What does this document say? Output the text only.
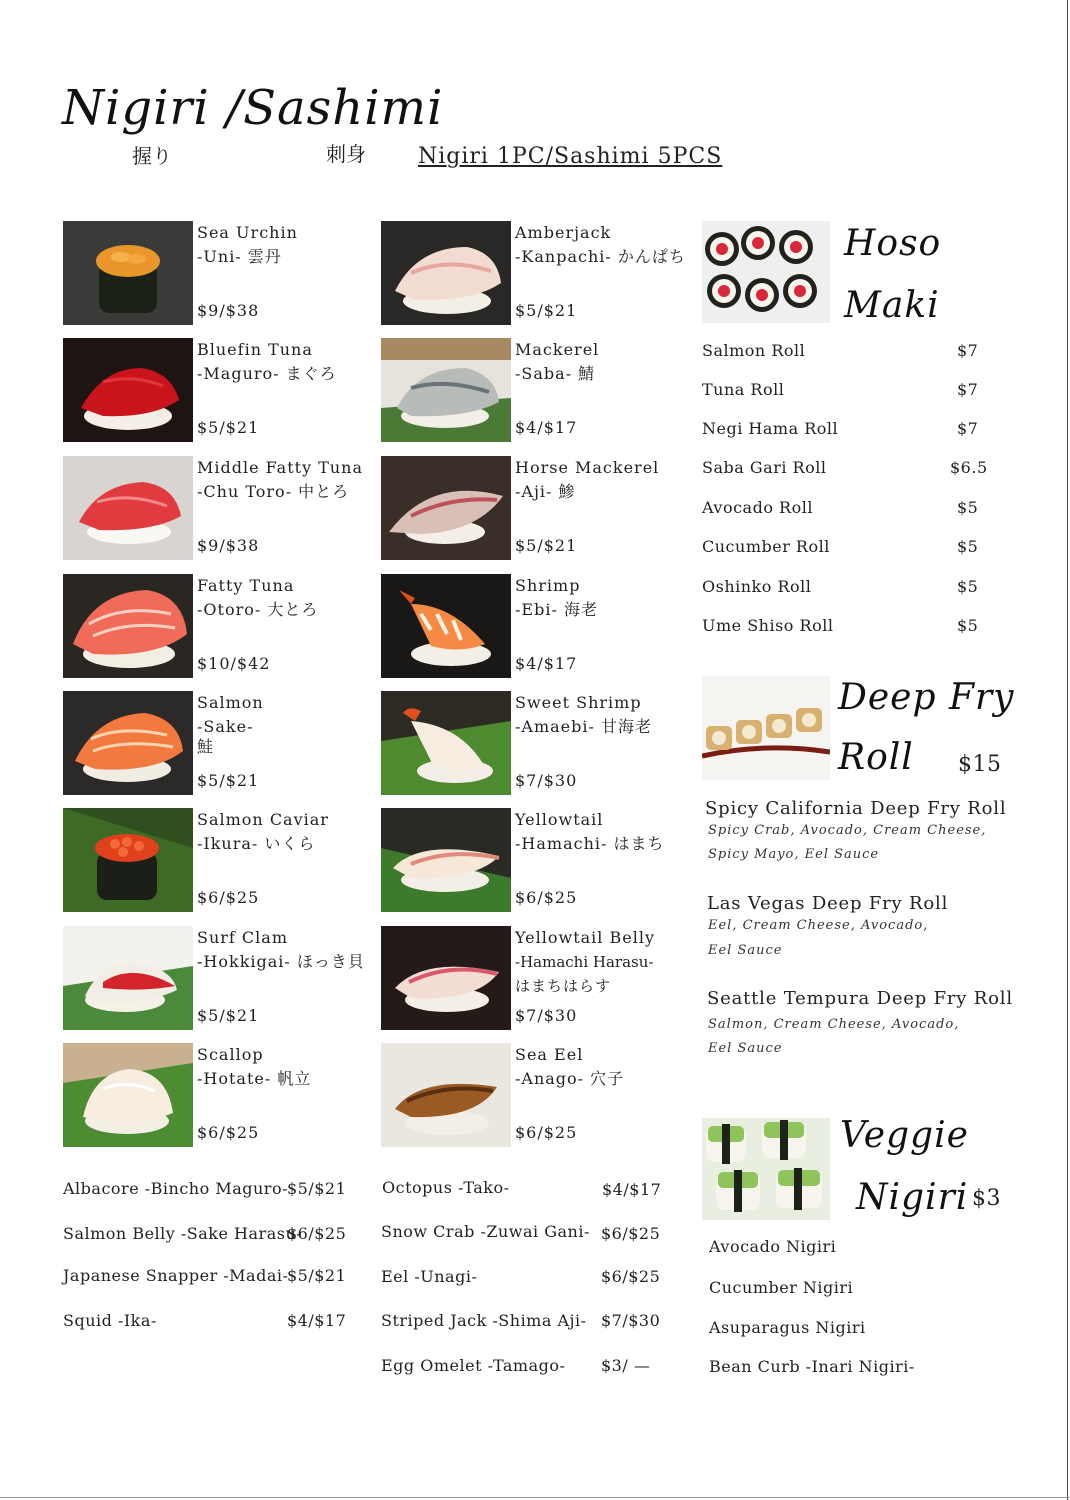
Nigiri /Sashimi
握り	刺身 Nigiri 1PC/Sashimi 5PCS
Sea Urchin
-Uni- 雲丹
$9/$38
Bluefin Tuna
-Maguro- まぐろ
$5/$21
Middle Fatty Tuna
-Chu Toro- 中とろ
$9/$38
Fatty Tuna
-Otoro- 大とろ
$10/$42
Salmon
-Sake-
鮭
$5/$21
Salmon Caviar
-Ikura- いくら
$6/$25
Surf Clam
-Hokkigai- ほっき貝
$5/$21
Scallop
-Hotate- 帆立
$6/$25
Amberjack
-Kanpachi- かんぱち
$5/$21
Mackerel
-Saba- 鯖
$4/$17
Horse Mackerel
-Aji- 鯵
$5/$21
Shrimp
-Ebi- 海老
$4/$17
Sweet Shrimp
-Amaebi- 甘海老
$7/$30
Yellowtail
-Hamachi- はまち
$6/$25
Yellowtail Belly
-Hamachi Harasu-
はまちはらす
$7/$30
Sea Eel
-Anago- 穴子
$6/$25
Albacore -Bincho Maguro- $5/$21
Salmon Belly -Sake Harasu-
$6/$25
Japanese Snapper -Madai-
$5/$21
Squid -Ika-	$4/$17
Octopus -Tako-	$4/$17
Snow Crab -Zuwai Gani- $6/$25
Eel -Unagi-	$6/$25
Striped Jack -Shima Aji- $7/$30
Egg Omelet -Tamago- $3/ —
Hoso
Maki
Salmon Roll	$7
Tuna Roll	$7
Negi Hama Roll	$7
Saba Gari Roll	$6.5
Avocado Roll	$5
Cucumber Roll	$5
Oshinko Roll	$5
Ume Shiso Roll	$5
Deep Fry
Roll $15
Spicy California Deep Fry Roll
Spicy Crab, Avocado, Cream Cheese,
Spicy Mayo, Eel Sauce
Las Vegas Deep Fry Roll
Eel, Cream Cheese, Avocado,
Eel Sauce
Seattle Tempura Deep Fry Roll
Salmon, Cream Cheese, Avocado,
Eel Sauce
Veggie
Nigiri $3
Avocado Nigiri
Cucumber Nigiri
Asuparagus Nigiri
Bean Curb -Inari Nigiri-
